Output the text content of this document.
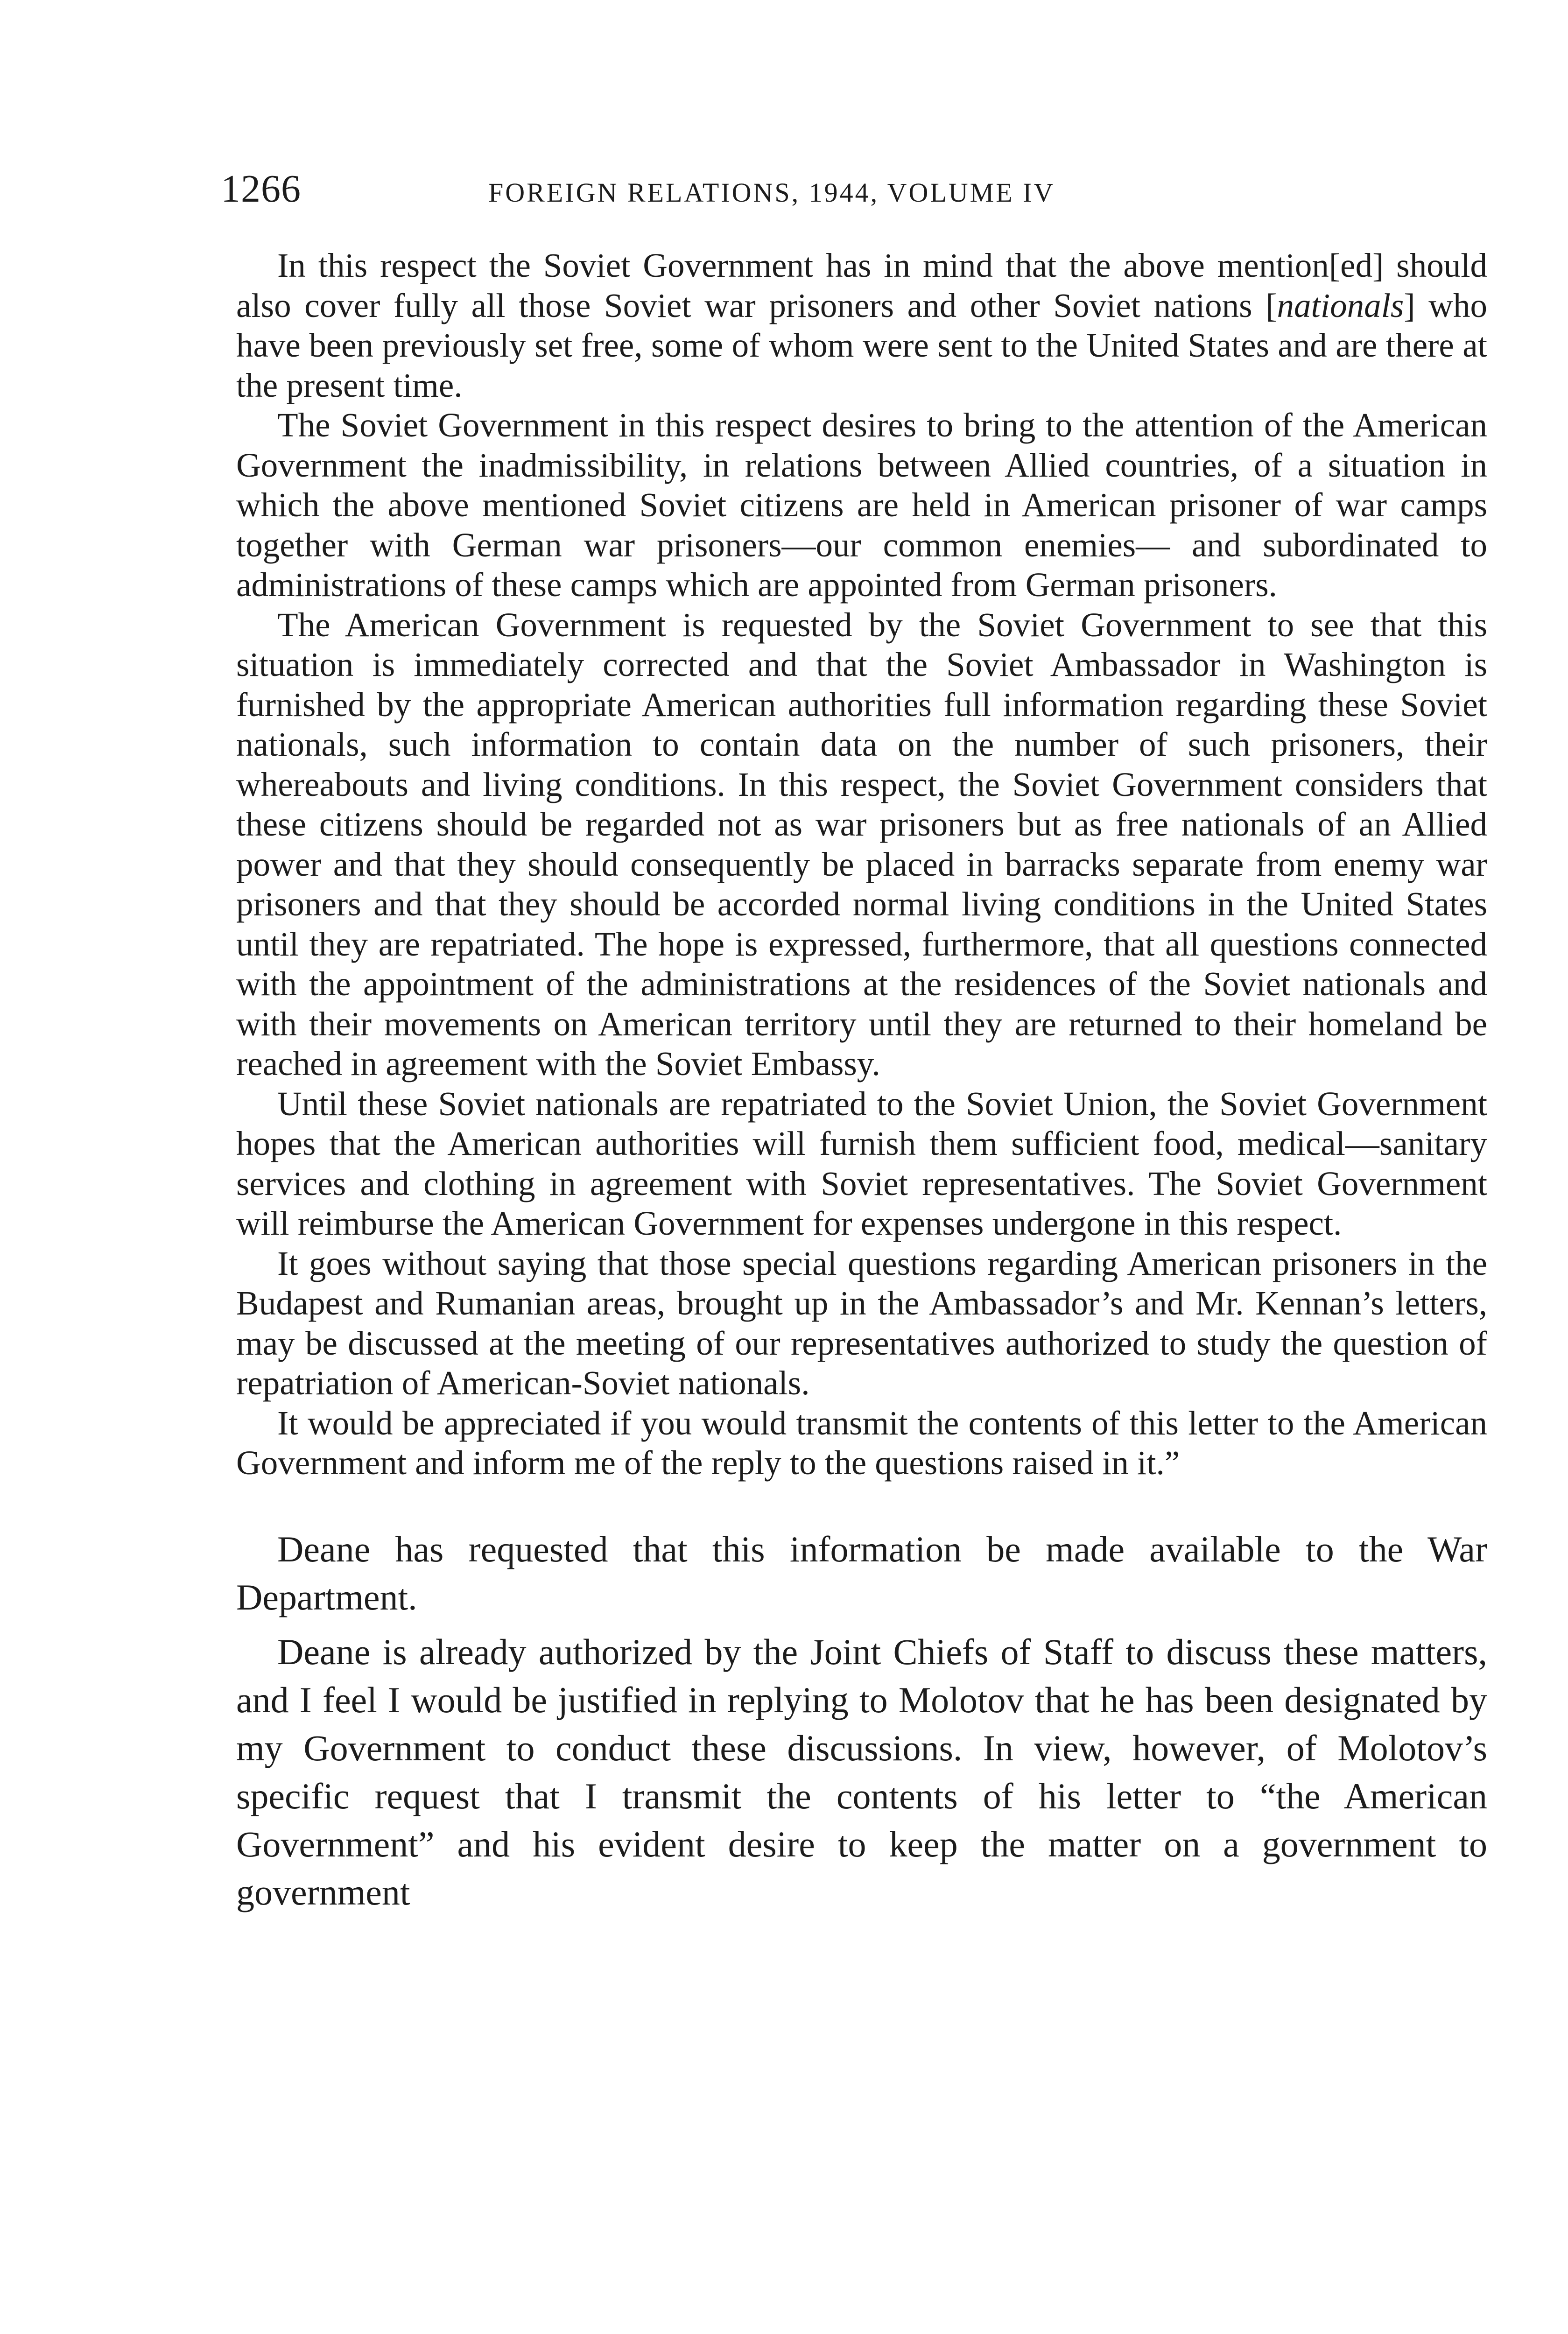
1266	FOREIGN RELATIONS, 1944, VOLUME IV

In this respect the Soviet Government has in mind that the above mention[ed] should also cover fully all those Soviet war prisoners and other Soviet nations [nationals] who have been previously set free, some of whom were sent to the United States and are there at the present time.

The Soviet Government in this respect desires to bring to the attention of the American Government the inadmissibility, in relations between Allied countries, of a situation in which the above mentioned Soviet citizens are held in American prisoner of war camps together with German war prisoners—our common enemies— and subordinated to administrations of these camps which are appointed from German prisoners.

The American Government is requested by the Soviet Government to see that this situation is immediately corrected and that the Soviet Ambassador in Washington is furnished by the appropriate American authorities full information regarding these Soviet nationals, such information to contain data on the number of such prisoners, their whereabouts and living conditions. In this respect, the Soviet Government considers that these citizens should be regarded not as war prisoners but as free nationals of an Allied power and that they should consequently be placed in barracks separate from enemy war prisoners and that they should be accorded normal living conditions in the United States until they are repatriated. The hope is expressed, furthermore, that all questions connected with the appointment of the administrations at the residences of the Soviet nationals and with their movements on American territory until they are returned to their homeland be reached in agreement with the Soviet Embassy.

Until these Soviet nationals are repatriated to the Soviet Union, the Soviet Government hopes that the American authorities will furnish them sufficient food, medical—sanitary services and clothing in agreement with Soviet representatives. The Soviet Government will reimburse the American Government for expenses undergone in this respect.

It goes without saying that those special questions regarding American prisoners in the Budapest and Rumanian areas, brought up in the Ambassador’s and Mr. Kennan’s letters, may be discussed at the meeting of our representatives authorized to study the question of repatriation of American-Soviet nationals.

It would be appreciated if you would transmit the contents of this letter to the American Government and inform me of the reply to the questions raised in it.”

Deane has requested that this information be made available to the War Department.

Deane is already authorized by the Joint Chiefs of Staff to discuss these matters, and I feel I would be justified in replying to Molotov that he has been designated by my Government to conduct these discussions. In view, however, of Molotov’s specific request that I transmit the contents of his letter to “the American Government” and his evident desire to keep the matter on a government to government
